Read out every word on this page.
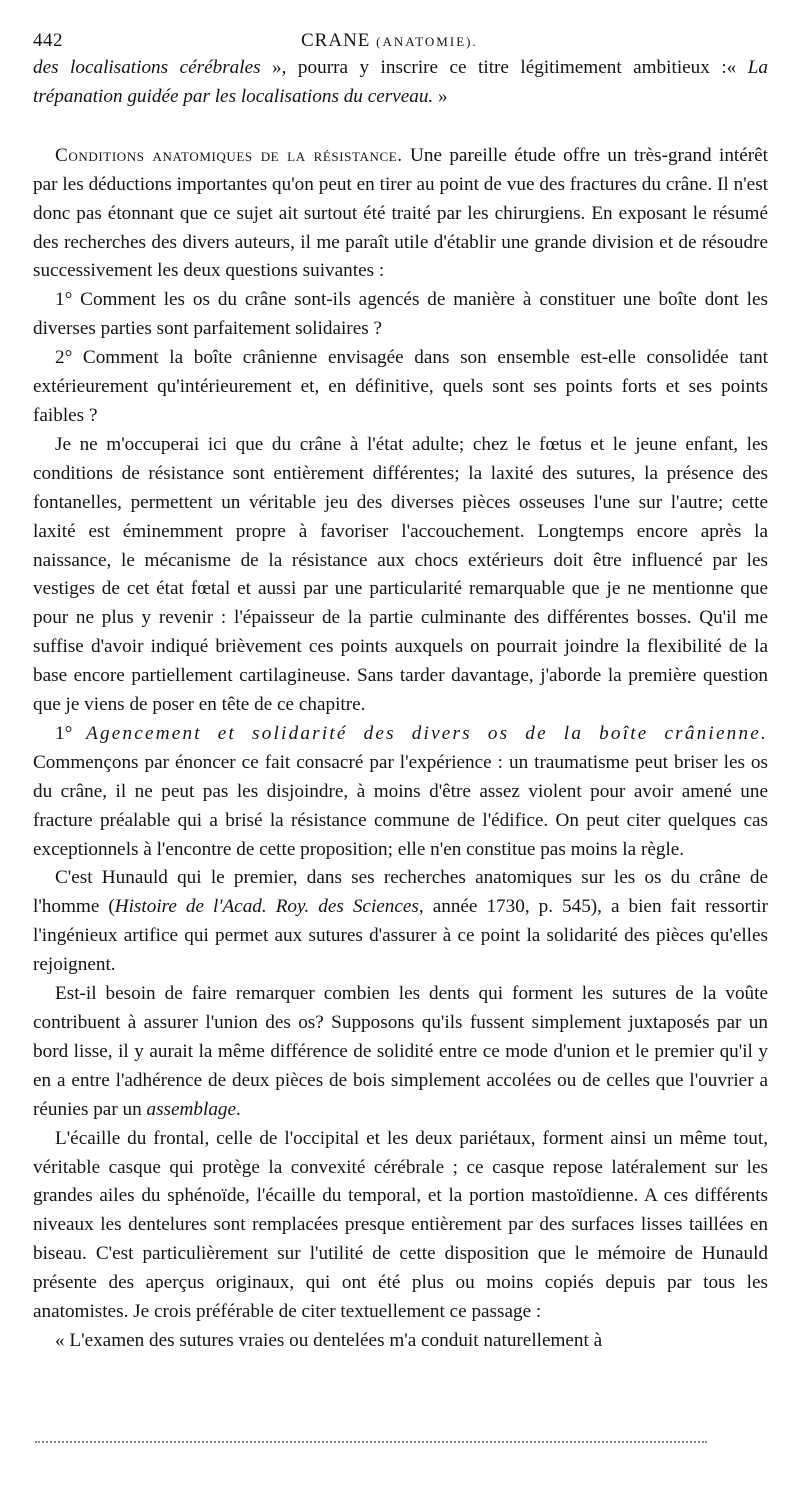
442	CRANE (ANATOMIE).

des localisations cérébrales », pourra y inscrire ce titre légitimement ambitieux :« La trépanation guidée par les localisations du cerveau. »

Conditions anatomiques de la résistance. Une pareille étude offre un très-grand intérêt par les déductions importantes qu'on peut en tirer au point de vue des fractures du crâne. Il n'est donc pas étonnant que ce sujet ait surtout été traité par les chirurgiens. En exposant le résumé des recherches des divers auteurs, il me paraît utile d'établir une grande division et de résoudre successivement les deux questions suivantes :

1° Comment les os du crâne sont-ils agencés de manière à constituer une boîte dont les diverses parties sont parfaitement solidaires ?

2° Comment la boîte crânienne envisagée dans son ensemble est-elle consolidée tant extérieurement qu'intérieurement et, en définitive, quels sont ses points forts et ses points faibles ?

Je ne m'occuperai ici que du crâne à l'état adulte; chez le fœtus et le jeune enfant, les conditions de résistance sont entièrement différentes; la laxité des sutures, la présence des fontanelles, permettent un véritable jeu des diverses pièces osseuses l'une sur l'autre; cette laxité est éminemment propre à favoriser l'accouchement. Longtemps encore après la naissance, le mécanisme de la résistance aux chocs extérieurs doit être influencé par les vestiges de cet état fœtal et aussi par une particularité remarquable que je ne mentionne que pour ne plus y revenir : l'épaisseur de la partie culminante des différentes bosses. Qu'il me suffise d'avoir indiqué brièvement ces points auxquels on pourrait joindre la flexibilité de la base encore partiellement cartilagineuse. Sans tarder davantage, j'aborde la première question que je viens de poser en tête de ce chapitre.

1° Agencement et solidarité des divers os de la boîte crânienne. Commençons par énoncer ce fait consacré par l'expérience : un traumatisme peut briser les os du crâne, il ne peut pas les disjoindre, à moins d'être assez violent pour avoir amené une fracture préalable qui a brisé la résistance commune de l'édifice. On peut citer quelques cas exceptionnels à l'encontre de cette proposition; elle n'en constitue pas moins la règle.

C'est Hunauld qui le premier, dans ses recherches anatomiques sur les os du crâne de l'homme (Histoire de l'Acad. Roy. des Sciences, année 1730, p. 545), a bien fait ressortir l'ingénieux artifice qui permet aux sutures d'assurer à ce point la solidarité des pièces qu'elles rejoignent.

Est-il besoin de faire remarquer combien les dents qui forment les sutures de la voûte contribuent à assurer l'union des os? Supposons qu'ils fussent simplement juxtaposés par un bord lisse, il y aurait la même différence de solidité entre ce mode d'union et le premier qu'il y en a entre l'adhérence de deux pièces de bois simplement accolées ou de celles que l'ouvrier a réunies par un assemblage.

L'écaille du frontal, celle de l'occipital et les deux pariétaux, forment ainsi un même tout, véritable casque qui protège la convexité cérébrale ; ce casque repose latéralement sur les grandes ailes du sphénoïde, l'écaille du temporal, et la portion mastoïdienne. A ces différents niveaux les dentelures sont remplacées presque entièrement par des surfaces lisses taillées en biseau. C'est particulièrement sur l'utilité de cette disposition que le mémoire de Hunauld présente des aperçus originaux, qui ont été plus ou moins copiés depuis par tous les anatomistes. Je crois préférable de citer textuellement ce passage :

« L'examen des sutures vraies ou dentelées m'a conduit naturellement à
